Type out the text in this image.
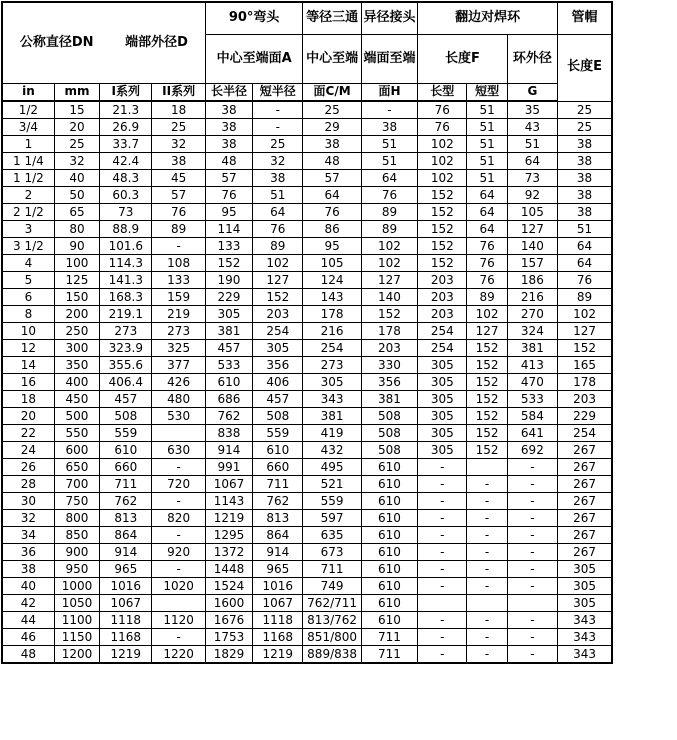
公称直径DN 端部外径D				90°弯头		等径三通	异径接头	翻边对焊环			管帽
				中心至端面A		中心至端	端面至端	长度F		环外径	长度E
in	mm	I系列	II系列	长半径	短半径	面C/M	面H	长型	短型	G	
1/2	15	21.3	18	38	-	25	-	76	51	35	25
3/4	20	26.9	25	38	-	29	38	76	51	43	25
1	25	33.7	32	38	25	38	51	102	51	51	38
1 1/4	32	42.4	38	48	32	48	51	102	51	64	38
1 1/2	40	48.3	45	57	38	57	64	102	51	73	38
2	50	60.3	57	76	51	64	76	152	64	92	38
2 1/2	65	73	76	95	64	76	89	152	64	105	38
3	80	88.9	89	114	76	86	89	152	64	127	51
3 1/2	90	101.6	-	133	89	95	102	152	76	140	64
4	100	114.3	108	152	102	105	102	152	76	157	64
5	125	141.3	133	190	127	124	127	203	76	186	76
6	150	168.3	159	229	152	143	140	203	89	216	89
8	200	219.1	219	305	203	178	152	203	102	270	102
10	250	273	273	381	254	216	178	254	127	324	127
12	300	323.9	325	457	305	254	203	254	152	381	152
14	350	355.6	377	533	356	273	330	305	152	413	165
16	400	406.4	426	610	406	305	356	305	152	470	178
18	450	457	480	686	457	343	381	305	152	533	203
20	500	508	530	762	508	381	508	305	152	584	229
22	550	559		838	559	419	508	305	152	641	254
24	600	610	630	914	610	432	508	305	152	692	267
26	650	660	-	991	660	495	610	-		-	267
28	700	711	720	1067	711	521	610	-	-	-	267
30	750	762	-	1143	762	559	610	-	-	-	267
32	800	813	820	1219	813	597	610	-	-	-	267
34	850	864	-	1295	864	635	610	-	-	-	267
36	900	914	920	1372	914	673	610	-	-	-	267
38	950	965	-	1448	965	711	610	-	-	-	305
40	1000	1016	1020	1524	1016	749	610	-	-	-	305
42	1050	1067		1600	1067	762/711	610				305
44	1100	1118	1120	1676	1118	813/762	610	-	-	-	343
46	1150	1168	-	1753	1168	851/800	711	-	-	-	343
48	1200	1219	1220	1829	1219	889/838	711	-	-	-	343
